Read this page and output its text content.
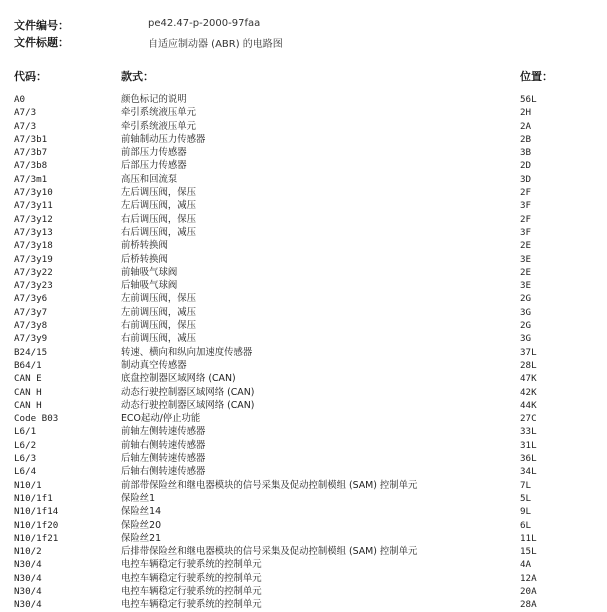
文件编号：	pe42.47-p-2000-97faa
文件标题：	自适应制动器 (ABR) 的电路图
代码：	款式：	位置：
A0	颜色标记的说明	56L
A7/3	牵引系统液压单元	2H
A7/3	牵引系统液压单元	2A
A7/3b1	前轴制动压力传感器	2B
A7/3b7	前部压力传感器	3B
A7/3b8	后部压力传感器	2D
A7/3m1	高压和回流泵	3D
A7/3y10	左后调压阀，保压	2F
A7/3y11	左后调压阀，减压	3F
A7/3y12	右后调压阀，保压	2F
A7/3y13	右后调压阀，减压	3F
A7/3y18	前桥转换阀	2E
A7/3y19	后桥转换阀	3E
A7/3y22	前轴吸气球阀	2E
A7/3y23	后轴吸气球阀	3E
A7/3y6	左前调压阀，保压	2G
A7/3y7	左前调压阀，减压	3G
A7/3y8	右前调压阀，保压	2G
A7/3y9	右前调压阀，减压	3G
B24/15	转速、横向和纵向加速度传感器	37L
B64/1	制动真空传感器	28L
CAN E	底盘控制器区域网络 (CAN)	47K
CAN H	动态行驶控制器区域网络 (CAN)	42K
CAN H	动态行驶控制器区域网络 (CAN)	44K
Code B03	ECO起动/停止功能	27C
L6/1	前轴左侧转速传感器	33L
L6/2	前轴右侧转速传感器	31L
L6/3	后轴左侧转速传感器	36L
L6/4	后轴右侧转速传感器	34L
N10/1	前部带保险丝和继电器模块的信号采集及促动控制模组 (SAM) 控制单元	7L
N10/1f1	保险丝1	5L
N10/1f14	保险丝14	9L
N10/1f20	保险丝20	6L
N10/1f21	保险丝21	11L
N10/2	后排带保险丝和继电器模块的信号采集及促动控制模组 (SAM) 控制单元	15L
N30/4	电控车辆稳定行驶系统的控制单元	4A
N30/4	电控车辆稳定行驶系统的控制单元	12A
N30/4	电控车辆稳定行驶系统的控制单元	20A
N30/4	电控车辆稳定行驶系统的控制单元	28A
